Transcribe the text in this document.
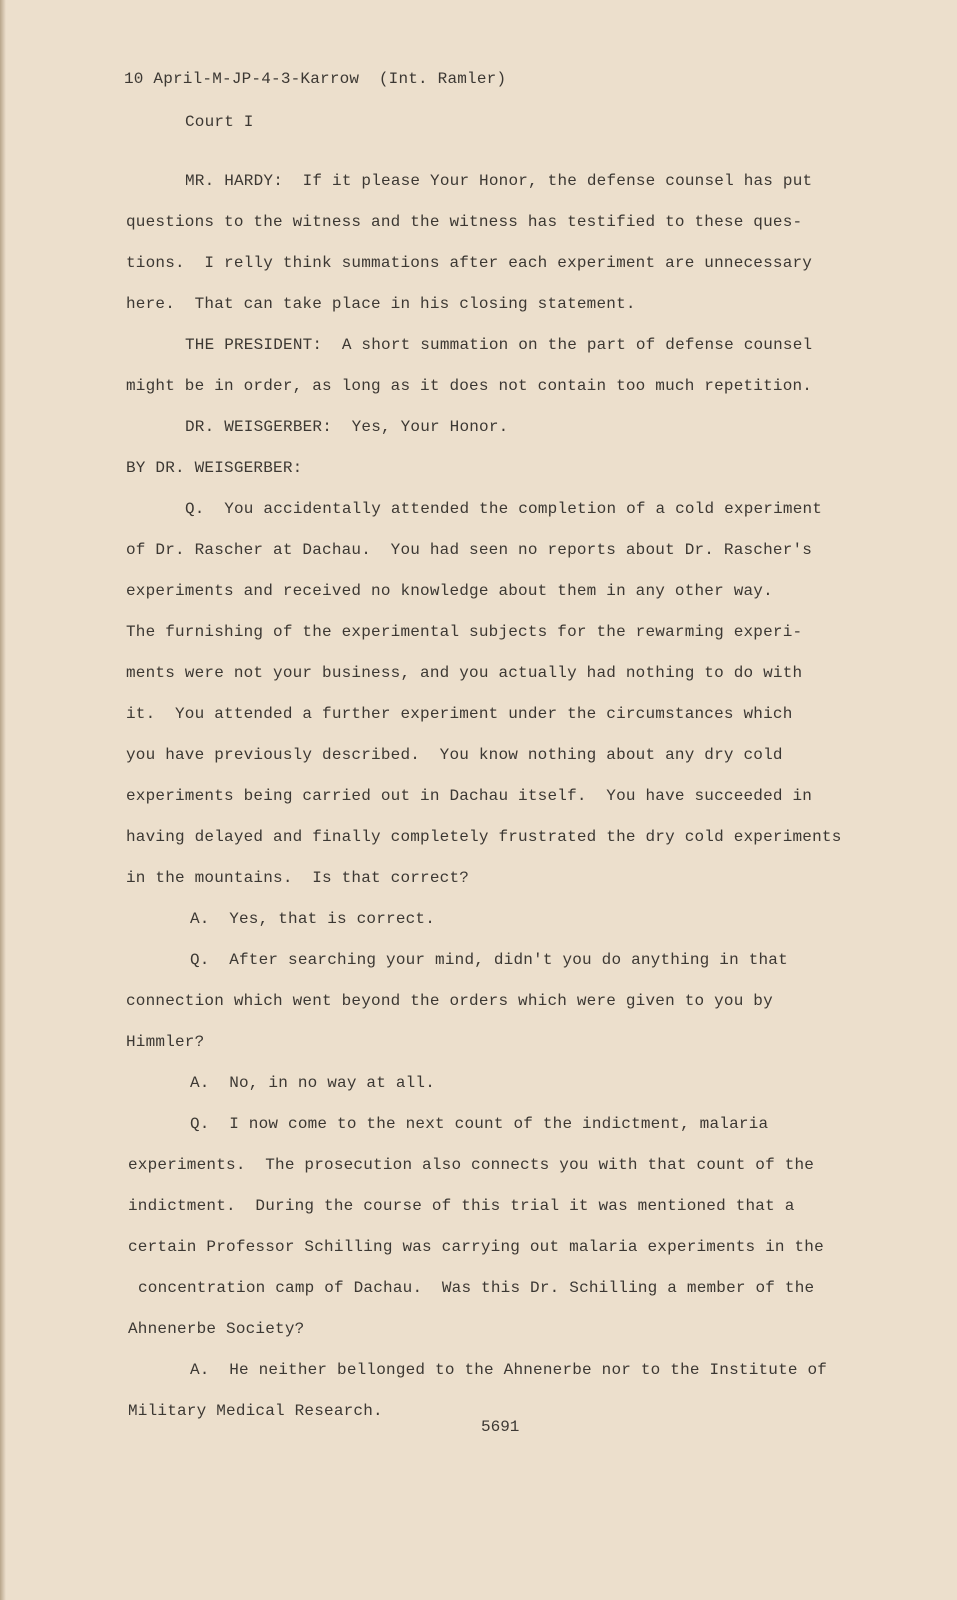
10 April-M-JP-4-3-Karrow  (Int. Ramler)
Court I
MR. HARDY:  If it please Your Honor, the defense counsel has put
questions to the witness and the witness has testified to these ques-
tions.  I relly think summations after each experiment are unnecessary
here.  That can take place in his closing statement.
THE PRESIDENT:  A short summation on the part of defense counsel
might be in order, as long as it does not contain too much repetition.
DR. WEISGERBER:  Yes, Your Honor.
BY DR. WEISGERBER:
Q.  You accidentally attended the completion of a cold experiment
of Dr. Rascher at Dachau.  You had seen no reports about Dr. Rascher's
experiments and received no knowledge about them in any other way.
The furnishing of the experimental subjects for the rewarming experi-
ments were not your business, and you actually had nothing to do with
it.  You attended a further experiment under the circumstances which
you have previously described.  You know nothing about any dry cold
experiments being carried out in Dachau itself.  You have succeeded in
having delayed and finally completely frustrated the dry cold experiments
in the mountains.  Is that correct?
A.  Yes, that is correct.
Q.  After searching your mind, didn't you do anything in that
connection which went beyond the orders which were given to you by
Himmler?
A.  No, in no way at all.
Q.  I now come to the next count of the indictment, malaria
experiments.  The prosecution also connects you with that count of the
indictment.  During the course of this trial it was mentioned that a
certain Professor Schilling was carrying out malaria experiments in the
concentration camp of Dachau.  Was this Dr. Schilling a member of the
Ahnenerbe Society?
A.  He neither bellonged to the Ahnenerbe nor to the Institute of
Military Medical Research.
5691
